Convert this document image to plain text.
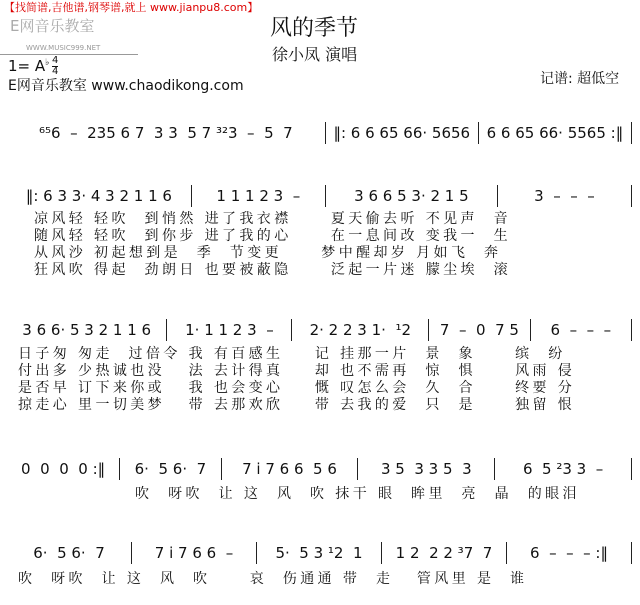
【找简谱,吉他谱,钢琴谱,就上 www.jianpu8.com】
E网音乐教室
WWW.MUSIC999.NET
风的季节
徐小凤 演唱
1= A♭ 4
4
E网音乐教室 www.chaodikong.com	记谱: 超低空
⁶⁵6  –  235 6 7  3 3  5 7 ³²3  –  5  7	‖: 6 6 65 66· 5656	6 6 65 66· 5565 :‖
‖: 6 3 3· 4 3 2 1 1 6	1 1 1 2 3  –	3 6 6 5 3· 2 1 5	3  –  –  –
凉风轻 轻吹  到悄然 进了我衣襟     夏天偷去听 不见声  音
随风轻 轻吹  到你步 进了我的心     在一息间改 变我一  生
从风沙 初起想到是  季  节变更     梦中醒却岁 月如飞  奔
狂风吹 得起  劲朗日 也要被蔽隐     泛起一片迷 朦尘埃  滚
3 6 6· 5 3 2 1 1 6	1· 1 1 2 3  –	2· 2 2 3 1·  ¹2	7  –  0  7 5	6  –  –  –
日子匆 匆走  过倍令 我 有百感生    记 挂那一片  景  象     缤  纷
付出多 少热诚也没   法 去计得真    却 也不需再  惊  惧     风雨 侵
是否早 订下来你或   我 也会变心    慨 叹怎么会  久  合     终要 分
掠走心 里一切美梦   带 去那欢欣    带 去我的爱  只  是     独留 恨
0  0  0  0 :‖	6·  5 6·  7	7 i 7 6 6  5 6	3 5  3 3 5  3	6  5 ²3 3  –
吹  呀吹  让 这  风  吹 抹干 眼  眸里  亮  晶  的眼泪
6·  5 6·  7	7 i 7 6 6  –	5·  5 3 ¹2  1	1 2  2 2 ³7  7	6  –  –  – :‖
吹  呀吹  让 这  风  吹     哀  伤通通 带  走   管风里 是  谁
